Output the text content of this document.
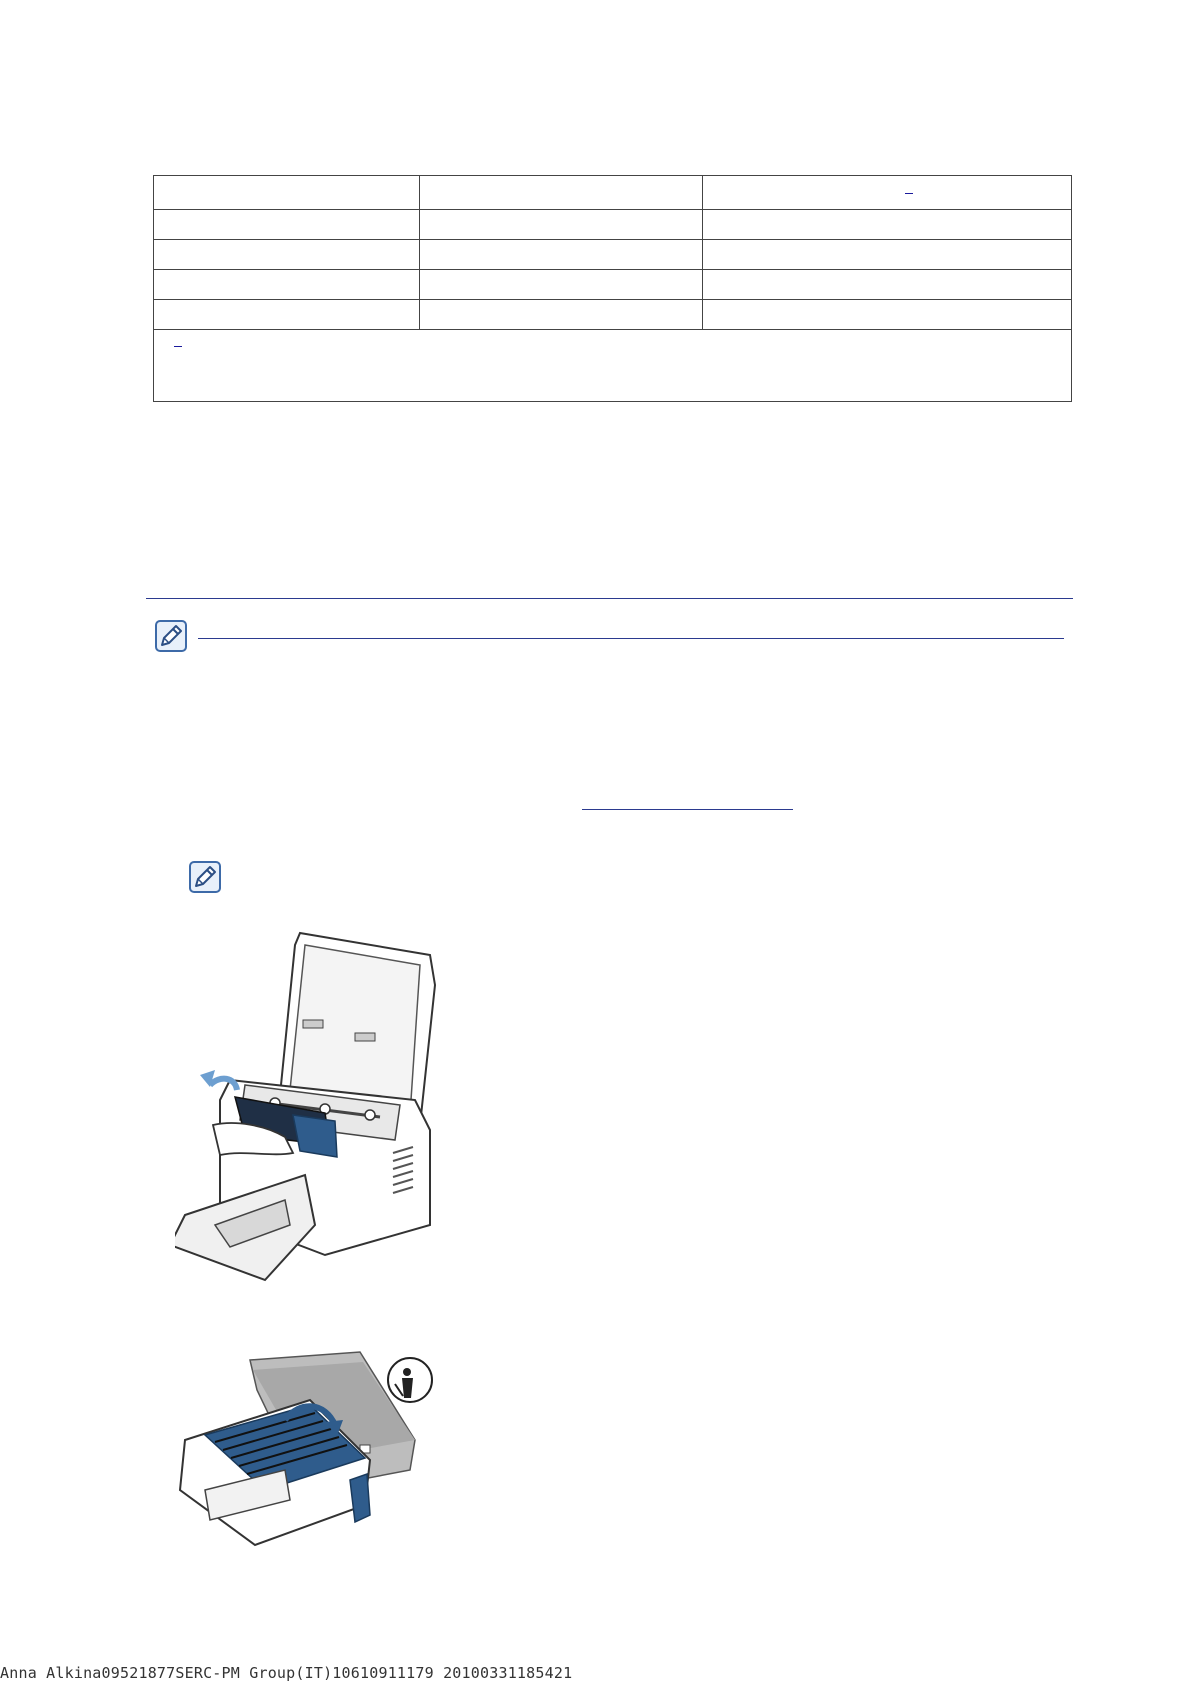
Anna Alkina09521877SERC-PM Group(IT)10610911179 20100331185421
